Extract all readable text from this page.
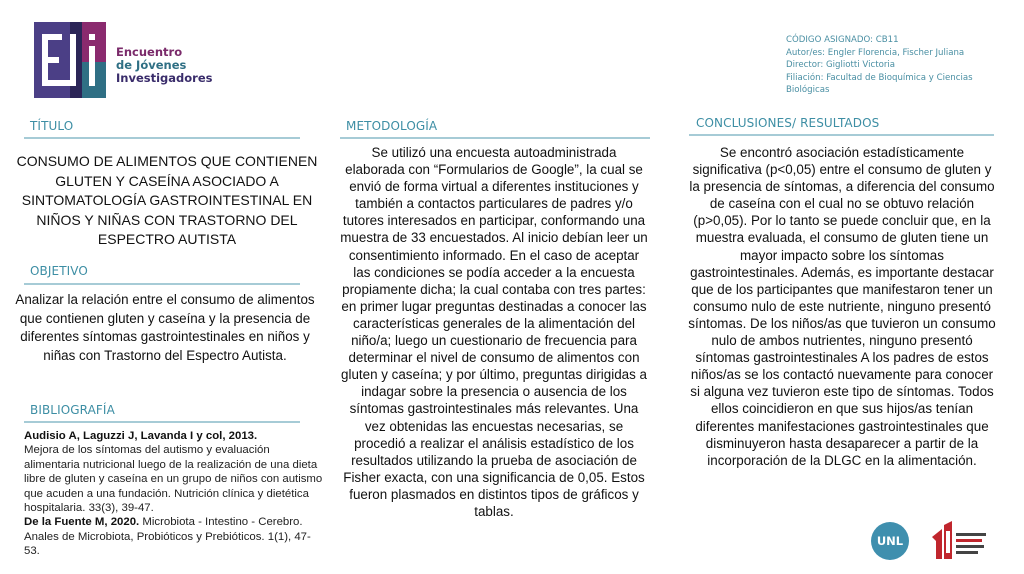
Encuentro
de Jóvenes
Investigadores
CÓDIGO ASIGNADO: CB11
Autor/es: Engler Florencia, Fischer Juliana
Director: Gigliotti Victoria
Filiación: Facultad de Bioquímica y Ciencias Biológicas
TÍTULO
CONSUMO DE ALIMENTOS QUE CONTIENEN GLUTEN Y CASEÍNA ASOCIADO A SINTOMATOLOGÍA GASTROINTESTINAL EN NIÑOS Y NIÑAS CON TRASTORNO DEL ESPECTRO AUTISTA
OBJETIVO
Analizar la relación entre el consumo de alimentos que contienen gluten y caseína y la presencia de diferentes síntomas gastrointestinales en niños y niñas con Trastorno del Espectro Autista.
BIBLIOGRAFÍA
Audisio A, Laguzzi J, Lavanda I y col, 2013.
Mejora de los síntomas del autismo y evaluación alimentaria nutricional luego de la realización de una dieta libre de gluten y caseína en un grupo de niños con autismo que acuden a una fundación. Nutrición clínica y dietética hospitalaria. 33(3), 39-47.
De la Fuente M, 2020. Microbiota - Intestino - Cerebro. Anales de Microbiota, Probióticos y Prebióticos. 1(1), 47-53.
METODOLOGÍA
Se utilizó una encuesta autoadministrada elaborada con “Formularios de Google”, la cual se envió de forma virtual a diferentes instituciones y también a contactos particulares de padres y/o tutores interesados en participar, conformando una muestra de 33 encuestados. Al inicio debían leer un consentimiento informado. En el caso de aceptar las condiciones se podía acceder a la encuesta propiamente dicha; la cual contaba con tres partes: en primer lugar preguntas destinadas a conocer las características generales de la alimentación del niño/a; luego un cuestionario de frecuencia para determinar el nivel de consumo de alimentos con gluten y caseína; y por último, preguntas dirigidas a indagar sobre la presencia o ausencia de los síntomas gastrointestinales más relevantes. Una vez obtenidas las encuestas necesarias, se procedió a realizar el análisis estadístico de los resultados utilizando la prueba de asociación de Fisher exacta, con una significancia de 0,05. Estos fueron plasmados en distintos tipos de gráficos y tablas.
CONCLUSIONES/ RESULTADOS
Se encontró asociación estadísticamente significativa (p<0,05) entre el consumo de gluten y la presencia de síntomas, a diferencia del consumo de caseína con el cual no se obtuvo relación (p>0,05). Por lo tanto se puede concluir que, en la muestra evaluada, el consumo de gluten tiene un mayor impacto sobre los síntomas gastrointestinales. Además, es importante destacar que de los participantes que manifestaron tener un consumo nulo de este nutriente, ninguno presentó síntomas. De los niños/as que tuvieron un consumo nulo de ambos nutrientes, ninguno presentó síntomas gastrointestinales A los padres de estos niños/as se los contactó nuevamente para conocer si alguna vez tuvieron este tipo de síntomas. Todos ellos coincidieron en que sus hijos/as tenían diferentes manifestaciones gastrointestinales que disminuyeron hasta desaparecer a partir de la incorporación de la DLGC en la alimentación.
UNL
Federación Universitaria del Litoral
